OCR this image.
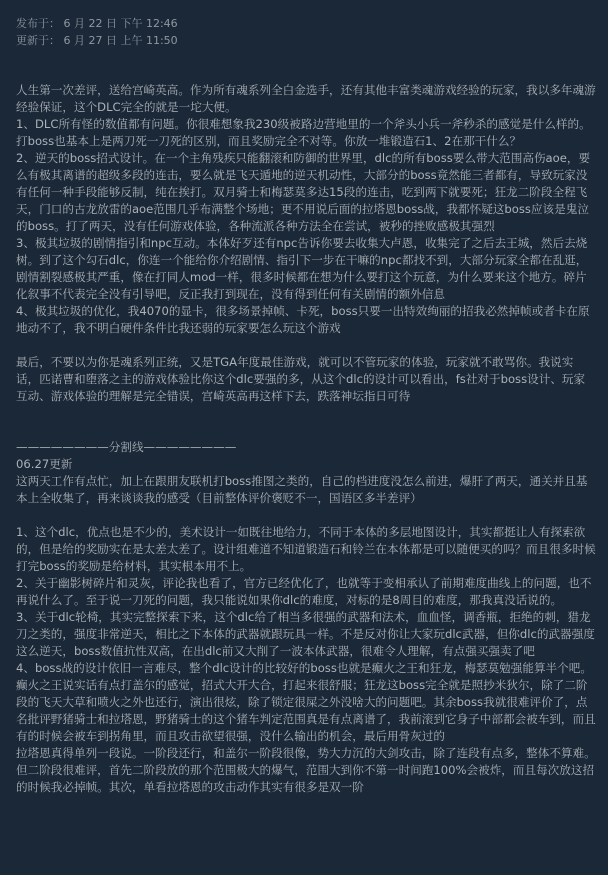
发布于： 6 月 22 日 下午 12:46
更新于： 6 月 27 日 上午 11:50

人生第一次差评，送给宫崎英高。作为所有魂系列全白金选手，还有其他丰富类魂游戏经验的玩家，我以多年魂游经验保证，这个DLC完全的就是一坨大便。

1、DLC所有怪的数值都有问题。你很难想象我230级被路边营地里的一个斧头小兵一斧秒杀的感觉是什么样的。打boss也基本上是两刀死一刀死的区别，而且奖励完全不对等。你放一堆锻造石1、2在那干什么？

2、逆天的boss招式设计。在一个主角残疾只能翻滚和防御的世界里，dlc的所有boss要么带大范围高伤aoe，要么有极其离谱的超级多段的连击，要么就是飞天遁地的逆天机动性，大部分的boss竟然能三者都有，导致玩家没有任何一种手段能够反制，纯在挨打。双月骑士和梅瑟莫多达15段的连击，吃到两下就要死；狂龙二阶段全程飞天，门口的古龙放雷的aoe范围几乎布满整个场地；更不用说后面的拉塔恩boss战，我都怀疑这boss应该是鬼泣的boss。打了两天，没有任何游戏体验，各种流派各种方法全在尝试，被秒的挫败感极其强烈

3、极其垃圾的剧情指引和npc互动。本体好歹还有npc告诉你要去收集大卢恩，收集完了之后去王城，然后去烧树。到了这个勾石dlc，你连一个能给你介绍剧情、指引下一步在干嘛的npc都找不到，大部分玩家全都在乱逛，剧情割裂感极其严重，像在打同人mod一样，很多时候都在想为什么要打这个玩意，为什么要来这个地方。碎片化叙事不代表完全没有引导吧，反正我打到现在，没有得到任何有关剧情的额外信息

4、极其垃圾的优化，我4070的显卡，很多场景掉帧、卡死，boss只要一出特效绚丽的招我必然掉帧或者卡在原地动不了，我不明白硬件条件比我还弱的玩家要怎么玩这个游戏

最后，不要以为你是魂系列正统，又是TGA年度最佳游戏，就可以不管玩家的体验，玩家就不敢骂你。我说实话，匹诺曹和堕落之主的游戏体验比你这个dlc要强的多，从这个dlc的设计可以看出，fs社对于boss设计、玩家互动、游戏体验的理解是完全错误，宫崎英高再这样下去，跌落神坛指日可待

————————分割线————————

06.27更新

这两天工作有点忙，加上在跟朋友联机打boss推图之类的，自己的档进度没怎么前进，爆肝了两天，通关并且基本上全收集了，再来谈谈我的感受（目前整体评价褒贬不一，国语区多半差评）

1、这个dlc，优点也是不少的，美术设计一如既往地给力，不同于本体的多层地图设计，其实都挺让人有探索欲的，但是给的奖励实在是太差太差了。设计组难道不知道锻造石和铃兰在本体都是可以随便买的吗？而且很多时候打完boss的奖励是给材料，其实根本用不上。

2、关于幽影树碎片和灵灰，评论我也看了，官方已经优化了，也就等于变相承认了前期难度曲线上的问题，也不再说什么了。至于说一刀死的问题，我只能说如果你dlc的难度，对标的是8周目的难度，那我真没话说的。

3、关于dlc轮椅，其实完整探索下来，这个dlc给了相当多很强的武器和法术，血血怪，调香瓶，拒绝的刺，猎龙刀之类的，强度非常逆天，相比之下本体的武器就跟玩具一样。不是反对你让大家玩dlc武器，但你dlc的武器强度这么逆天，boss数值抗性双高，在出dlc前又大削了一波本体武器，很难令人理解，有点强买强卖了吧

4、boss战的设计依旧一言难尽，整个dlc设计的比较好的boss也就是癫火之王和狂龙，梅瑟莫勉强能算半个吧。癫火之王说实话有点打盖尔的感觉，招式大开大合，打起来很舒服；狂龙这boss完全就是照抄米狄尔，除了二阶段的飞天大草和喷火之外也还行，演出很炫，除了锁定很屎之外没啥大的问题吧。其余boss我就很难评价了，点名批评野猪骑士和拉塔恩，野猪骑士的这个猪车判定范围真是有点离谱了，我前滚到它身子中部都会被车到，而且有的时候会被车到拐角里，而且攻击欲望很强，没什么输出的机会，最后用骨灰过的

拉塔恩真得单列一段说。一阶段还行，和盖尔一阶段很像，势大力沉的大剑攻击，除了连段有点多，整体不算难。但二阶段很难评，首先二阶段放的那个范围极大的爆气，范围大到你不第一时间跑100%会被炸，而且每次放这招的时候我必掉帧。其次，单看拉塔恩的攻击动作其实有很多是双一阶
